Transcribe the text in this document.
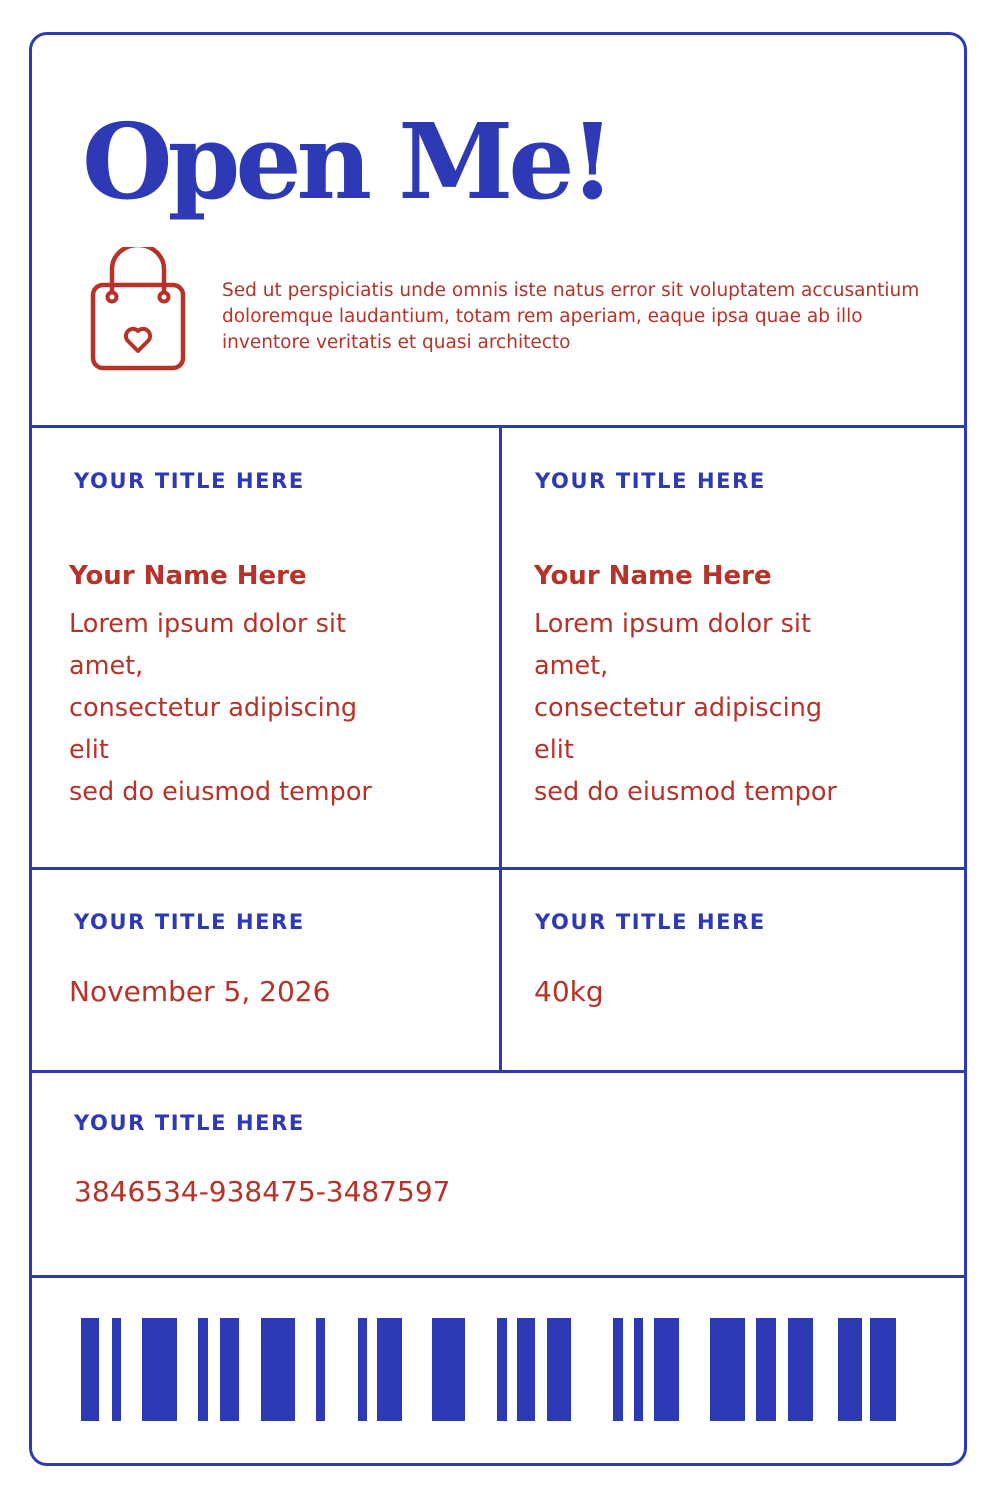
Open Me!

Sed ut perspiciatis unde omnis iste natus error sit voluptatem accusantium doloremque laudantium, totam rem aperiam, eaque ipsa quae ab illo inventore veritatis et quasi architecto

YOUR TITLE HERE

Your Name Here

Lorem ipsum dolor sit

amet,

consectetur adipiscing

elit

sed do eiusmod tempor

YOUR TITLE HERE

Your Name Here

Lorem ipsum dolor sit

amet,

consectetur adipiscing

elit

sed do eiusmod tempor

YOUR TITLE HERE

November 5, 2026

YOUR TITLE HERE

40kg

YOUR TITLE HERE

3846534-938475-3487597
